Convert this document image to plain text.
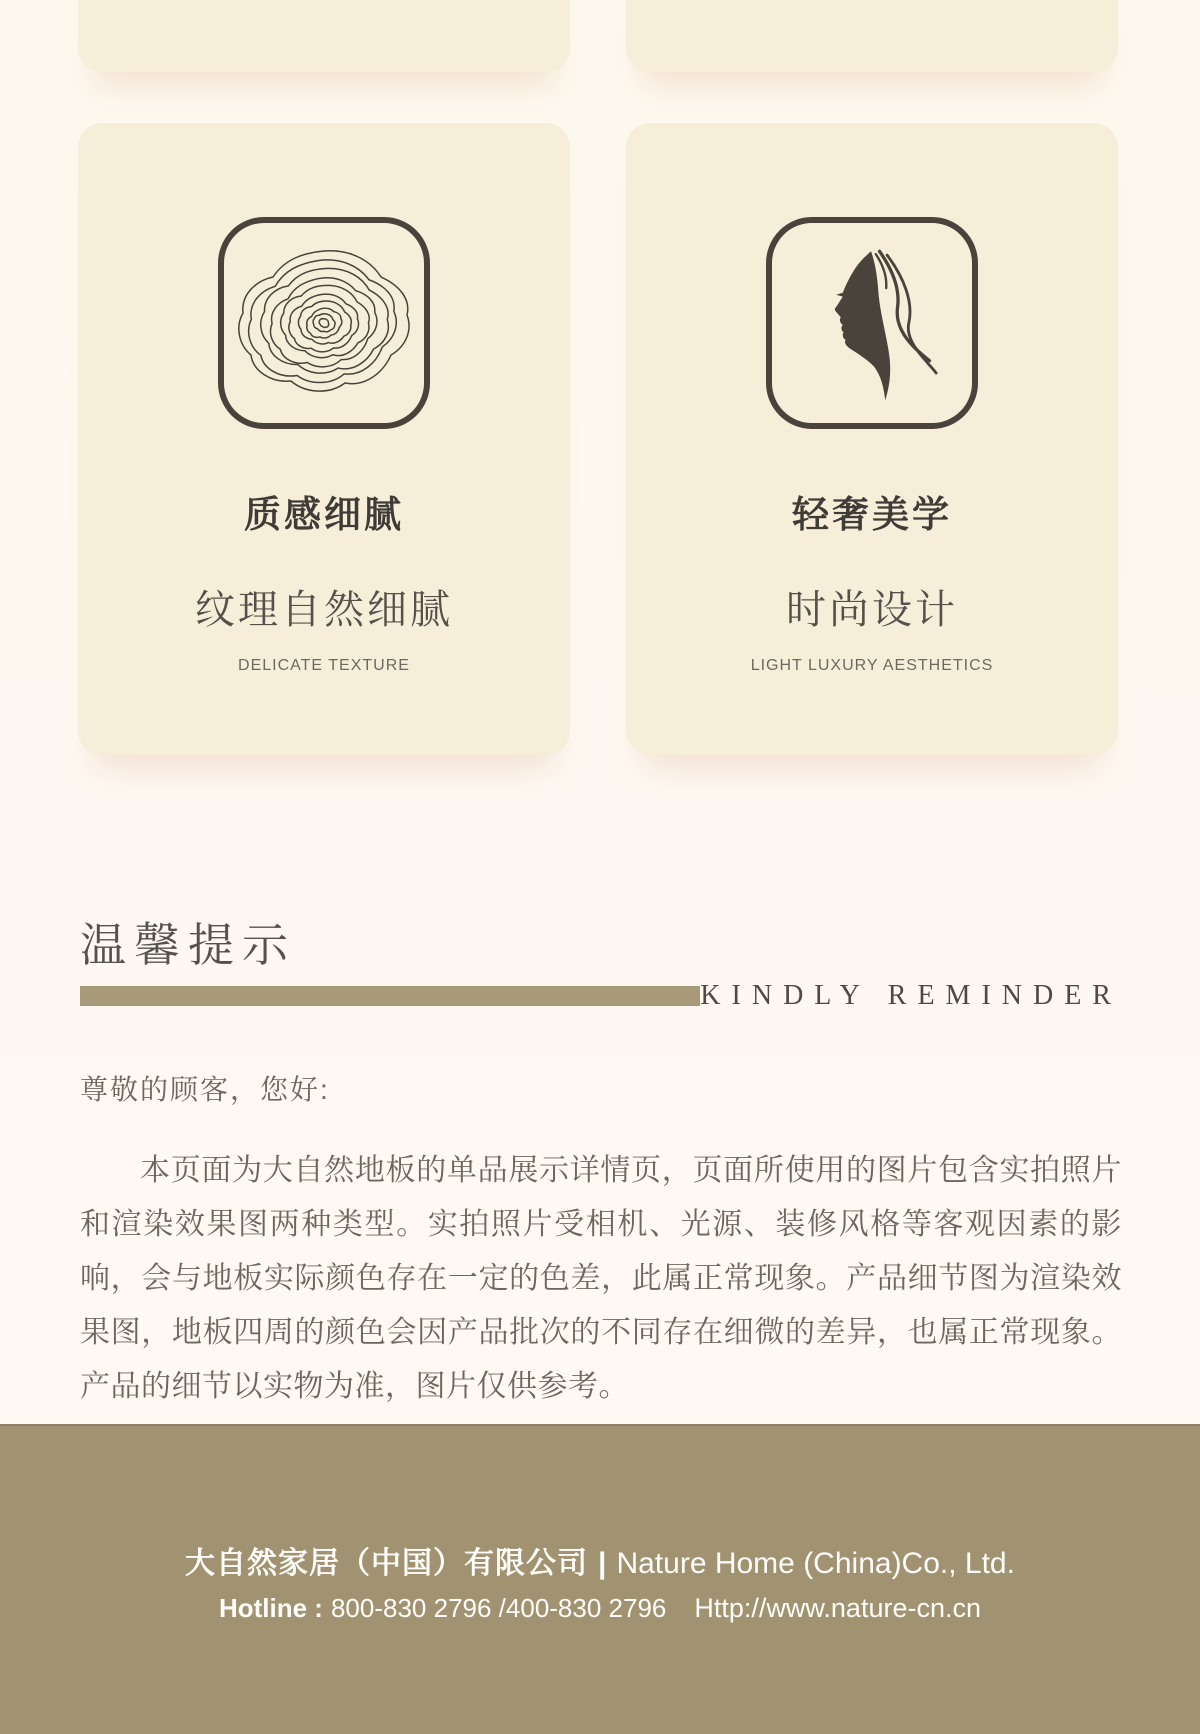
质感细腻

纹理自然细腻

DELICATE TEXTURE

轻奢美学

时尚设计

LIGHT LUXURY AESTHETICS

温馨提示
KINDLY REMINDER

尊敬的顾客，您好:

本页面为大自然地板的单品展示详情页，页面所使用的图片包含实拍照片和渲染效果图两种类型。实拍照片受相机、光源、装修风格等客观因素的影响，会与地板实际颜色存在一定的色差，此属正常现象。产品细节图为渲染效果图，地板四周的颜色会因产品批次的不同存在细微的差异，也属正常现象。产品的细节以实物为准，图片仅供参考。

大自然家居（中国）有限公司 | Nature Home (China)Co., Ltd.
Hotline : 800-830 2796 /400-830 2796 Http://www.nature-cn.cn
